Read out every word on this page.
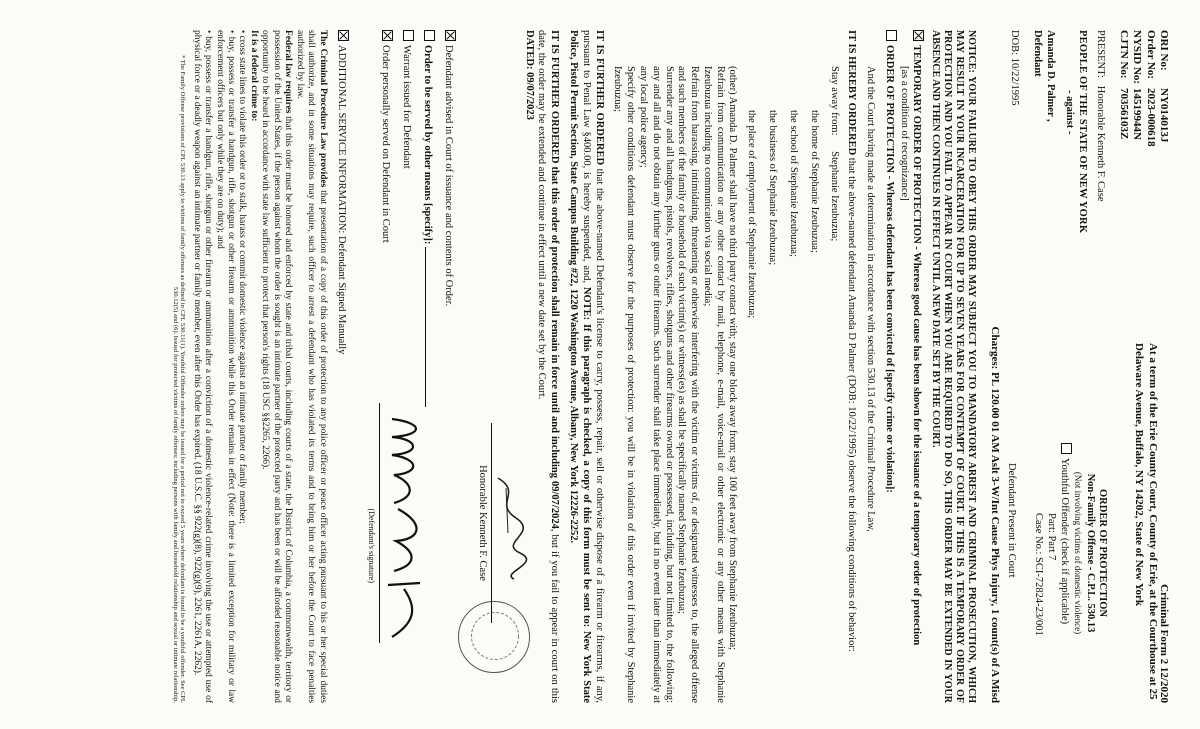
ORI No:NY014013J
Order No:2023-000618
NYSID No:14519944N
CJTN No:70356103Z
Criminal Form 2 12/2020
At a term of the Erie County Court, County of Erie, at the Courthouse at 25 Delaware Avenue, Buffalo, NY 14202, State of New York
PRESENT:   Honorable Kenneth F. Case
PEOPLE OF THE STATE OF NEW YORK
- against -
Amanda D. Palmer ,
Defendant
DOB: 10/22/1995
ORDER OF PROTECTION
Non-Family Offense - C.P.L. 530.13
(Not involving victims of domestic violence)
Youthful Offender (check if applicable)
Part: Part 7
Case No.: SCI-72824-23/001
Defendant Present in Court
Charges: PL 120.00 01 AM Aslt 3-W/Int Cause Phys Injury, 1 count(s) of A Misd
NOTICE: YOUR FAILURE TO OBEY THIS ORDER MAY SUBJECT YOU TO MANDATORY ARREST AND CRIMINAL PROSECUTION, WHICH MAY RESULT IN YOUR INCARCERATION FOR UP TO SEVEN YEARS FOR CONTEMPT OF COURT. IF THIS IS A TEMPORARY ORDER OF PROTECTION AND YOU FAIL TO APPEAR IN COURT WHEN YOU ARE REQUIRED TO DO SO, THIS ORDER MAY BE EXTENDED IN YOUR ABSENCE AND THEN CONTINUES IN EFFECT UNTIL A NEW DATE SET BY THE COURT.
TEMPORARY ORDER OF PROTECTION - Whereas good cause has been shown for the issuance of a temporary order of protection
[as a condition of recognizance]
ORDER OF PROTECTION - Whereas defendant has been convicted of [specify crime or violation]:
And the Court having made a determination in accordance with section 530.13 of the Criminal Procedure Law,
IT IS HEREBY ORDERED that the above-named defendant Amanda D Palmer (DOB: 10/22/1995) observe the following conditions of behavior:
Stay away from:      Stephanie Izeubuzua;
the home of Stephanie Izeubuzua;
the school of Stephanie Izeubuzua;
the business of Stephanie Izeubuzua;
the place of employment of Stephanie Izeubuzua;
(other) Amanda D. Palmer shall have no third party contact with; stay one block away from; stay 100 feet away from Stephanie Izeubuzua;
Refrain from communication or any other contact by mail, telephone, e-mail, voice-mail or other electronic or any other means with Stephanie Izeubuzua including no communication via social media;
Refrain from harassing, intimidating, threatening or otherwise interfering with the victim or victims of, or designated witnesses to, the alleged offense and such members of the family or household of such victim(s) or witness(es) as shall be specifically named Stephanie Izeubuzua;
Surrender any and all handguns, pistols, revolvers, rifles, shotguns and other firearms owned or possessed, including, but not limited to, the following: any and all and do not obtain any further guns or other firearms. Such surrender shall take place immediately, but in no event later than immediately at any local police agency;
Specify other conditions defendant must observe for the purposes of protection: you will be in violation of this order even if invited by Stephanie Izeubuzua;
IT IS FURTHER ORDERED that the above-named Defendant's license to carry, possess, repair, sell or otherwise dispose of a firearm or firearms, if any, pursuant to Penal Law §400.00, is hereby suspended, and, NOTE: If this paragraph is checked, a copy of this form must be sent to: New York State Police, Pistol Permit Section, State Campus Building #22, 1220 Washington Avenue, Albany, New York 12226-2252.
IT IS FURTHER ORDERED that this order of protection shall remain in force until and including 09/07/2024, but if you fail to appear in court on this date, the order may be extended and continue in effect until a new date set by the Court.
DATED: 09/07/2023
Honorable Kenneth F. Case
Defendant advised in Court of issuance and contents of Order.
Order to be served by other means [specify]:
Warrant issued for Defendant
Order personally served on Defendant in Court
(Defendant's signature)
ADDITIONAL SERVICE INFORMATION: Defendant Signed Manually
The Criminal Procedure Law provides that presentation of a copy of this order of protection to any police officer or peace officer acting pursuant to his or her special duties shall authorize, and in some situations may require, such officer to arrest a defendant who has violated its terms and to bring him or her before the Court to face penalties authorized by law.
Federal law requires that this order must be honored and enforced by state and tribal courts, including courts of a state, the District of Columbia, a commonwealth, territory or possession of the United States, if the person against whom the order is sought is an intimate partner of the protected party and has been or will be afforded reasonable notice and opportunity to be heard in accordance with state law sufficient to protect that person's rights (18 USC §§2265, 2266).
It is a federal crime to:
• cross state lines to violate this order or to stalk, harass or commit domestic violence against an intimate partner or family member;
• buy, possess or transfer a handgun, rifle, shotgun or other firearm or ammunition while this Order remains in effect (Note: there is a limited exception for military or law enforcement officers but only while they are on duty); and
• buy, possess or transfer a handgun, rifle, shotgun or other firearm or ammunition after a conviction of a domestic violence-related crime involving the use or attempted use of physical force or a deadly weapon against an intimate partner or family member, even after this Order has expired. (18 U.S.C. §§ 922(g)(8), 922(g)(9), 2261, 2261A, 2262).
* The Family Offense provisions of CPL 530.13 apply to victims of family offenses as defined in CPL 530.11(1). Youthful Offender orders may be issued for a period not to exceed 5 years where defendant is found to be a youthful offender. See CPL 530.12(5) and (6). Issued for protected victims of family offenses; including persons with family and household relationship and sexual or intimate relationship.
